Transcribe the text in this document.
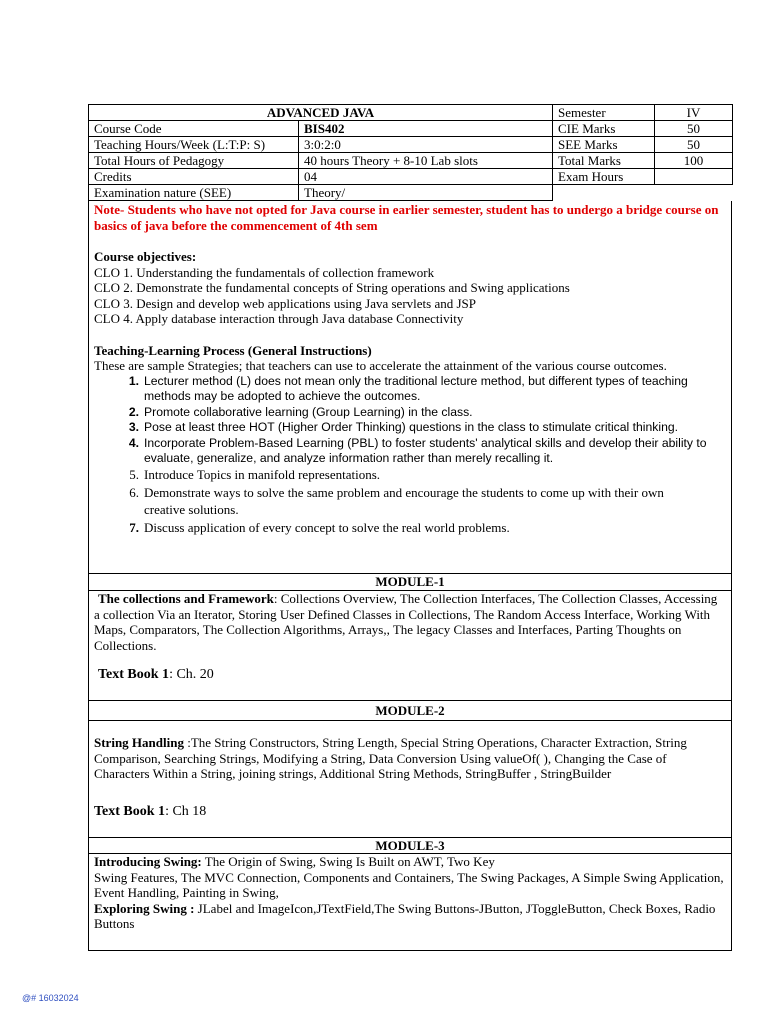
ADVANCED JAVA		Semester	IV
Course Code	BIS402	CIE Marks	50
Teaching Hours/Week (L:T:P: S)	3:0:2:0	SEE Marks	50
Total Hours of Pedagogy	40 hours Theory + 8-10 Lab slots	Total Marks	100
Credits	04	Exam Hours	
Examination nature (SEE)	Theory/		
Note- Students who have not opted for Java course in earlier semester, student has to undergo a bridge course on basics of java before the commencement of 4th sem
Course objectives:
CLO 1. Understanding the fundamentals of collection framework
CLO 2. Demonstrate the fundamental concepts of String operations and Swing applications
CLO 3. Design and develop web applications using Java servlets and JSP
CLO 4. Apply database interaction through Java database Connectivity
Teaching-Learning Process (General Instructions)
These are sample Strategies; that teachers can use to accelerate the attainment of the various course outcomes.
1. Lecturer method (L) does not mean only the traditional lecture method, but different types of teaching methods may be adopted to achieve the outcomes.
2. Promote collaborative learning (Group Learning) in the class.
3. Pose at least three HOT (Higher Order Thinking) questions in the class to stimulate critical thinking.
4. Incorporate Problem-Based Learning (PBL) to foster students' analytical skills and develop their ability to evaluate, generalize, and analyze information rather than merely recalling it.
5. Introduce Topics in manifold representations.
6. Demonstrate ways to solve the same problem and encourage the students to come up with their own creative solutions.
7. Discuss application of every concept to solve the real world problems.
MODULE-1
The collections and Framework: Collections Overview, The Collection Interfaces, The Collection Classes, Accessing a collection Via an Iterator, Storing User Defined Classes in Collections, The Random Access Interface, Working With Maps, Comparators, The Collection Algorithms, Arrays,, The legacy Classes and Interfaces, Parting Thoughts on Collections.
Text Book 1: Ch. 20
MODULE-2
String Handling :The String Constructors, String Length, Special String Operations, Character Extraction, String Comparison, Searching Strings, Modifying a String, Data Conversion Using valueOf( ), Changing the Case of Characters Within a String, joining strings, Additional String Methods, StringBuffer , StringBuilder
Text Book 1: Ch 18
MODULE-3
Introducing Swing: The Origin of Swing, Swing Is Built on AWT, Two Key
Swing Features, The MVC Connection, Components and Containers, The Swing Packages, A Simple Swing Application, Event Handling, Painting in Swing,
Exploring Swing : JLabel and ImageIcon,JTextField,The Swing Buttons-JButton, JToggleButton, Check Boxes, Radio Buttons
@# 16032024
